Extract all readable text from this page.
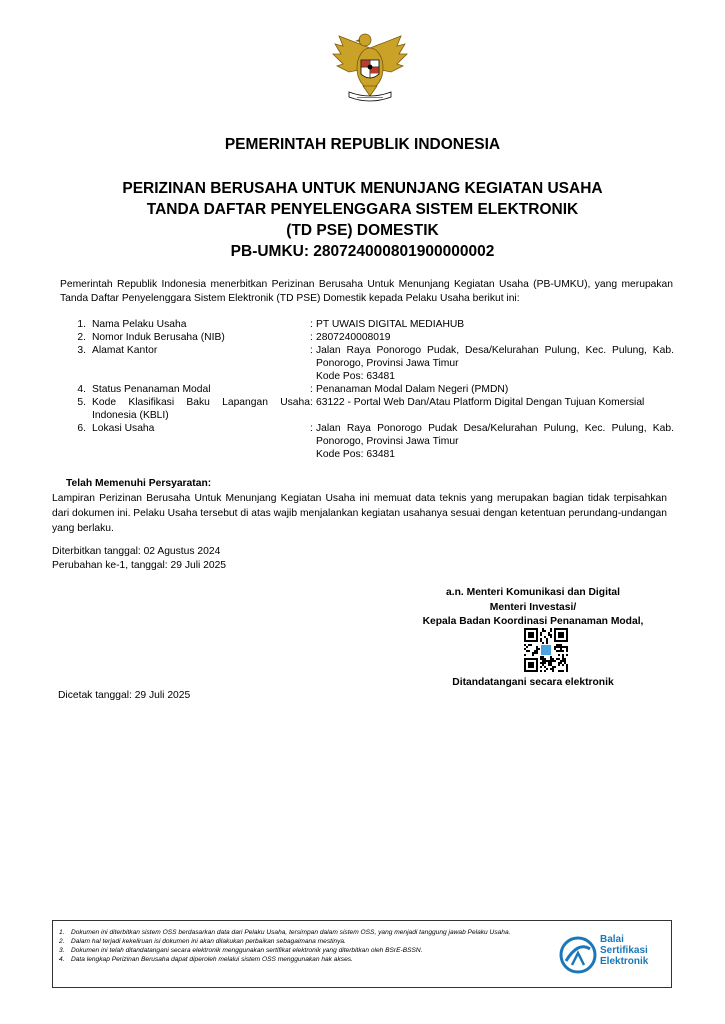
PEMERINTAH REPUBLIK INDONESIA
PERIZINAN BERUSAHA UNTUK MENUNJANG KEGIATAN USAHA
TANDA DAFTAR PENYELENGGARA SISTEM ELEKTRONIK
(TD PSE) DOMESTIK
PB-UMKU: 280724000801900000002
Pemerintah Republik Indonesia menerbitkan Perizinan Berusaha Untuk Menunjang Kegiatan Usaha (PB-UMKU), yang merupakan Tanda Daftar Penyelenggara Sistem Elektronik (TD PSE) Domestik kepada Pelaku Usaha berikut ini:
1. Nama Pelaku Usaha	: PT UWAIS DIGITAL MEDIAHUB
2. Nomor Induk Berusaha (NIB)	: 2807240008019
3. Alamat Kantor	: Jalan Raya Ponorogo Pudak, Desa/Kelurahan Pulung, Kec. Pulung, Kab. Ponorogo, Provinsi Jawa Timur
Kode Pos: 63481
4. Status Penanaman Modal	: Penanaman Modal Dalam Negeri (PMDN)
5. Kode Klasifikasi Baku Lapangan Usaha
Indonesia (KBLI)
: 63122 - Portal Web Dan/Atau Platform Digital Dengan Tujuan Komersial
6. Lokasi Usaha	: Jalan Raya Ponorogo Pudak Desa/Kelurahan Pulung, Kec. Pulung, Kab. Ponorogo, Provinsi Jawa Timur
Kode Pos: 63481
Telah Memenuhi Persyaratan:
Lampiran Perizinan Berusaha Untuk Menunjang Kegiatan Usaha ini memuat data teknis yang merupakan bagian tidak terpisahkan dari dokumen ini. Pelaku Usaha tersebut di atas wajib menjalankan kegiatan usahanya sesuai dengan ketentuan perundang-undangan yang berlaku.
Diterbitkan tanggal: 02 Agustus 2024
Perubahan ke-1, tanggal: 29 Juli 2025
a.n. Menteri Komunikasi dan Digital
Menteri Investasi/
Kepala Badan Koordinasi Penanaman Modal,
Ditandatangani secara elektronik
Dicetak tanggal: 29 Juli 2025
1. Dokumen ini diterbitkan sistem OSS berdasarkan data dari Pelaku Usaha, tersimpan dalam sistem OSS, yang menjadi tanggung jawab Pelaku Usaha.
2. Dalam hal terjadi kekeliruan isi dokumen ini akan dilakukan perbaikan sebagaimana mestinya.
3. Dokumen ini telah ditandatangani secara elektronik menggunakan sertifikat elektronik yang diterbitkan oleh BSrE-BSSN.
4. Data lengkap Perizinan Berusaha dapat diperoleh melalui sistem OSS menggunakan hak akses.
Balai
Sertifikasi
Elektronik
